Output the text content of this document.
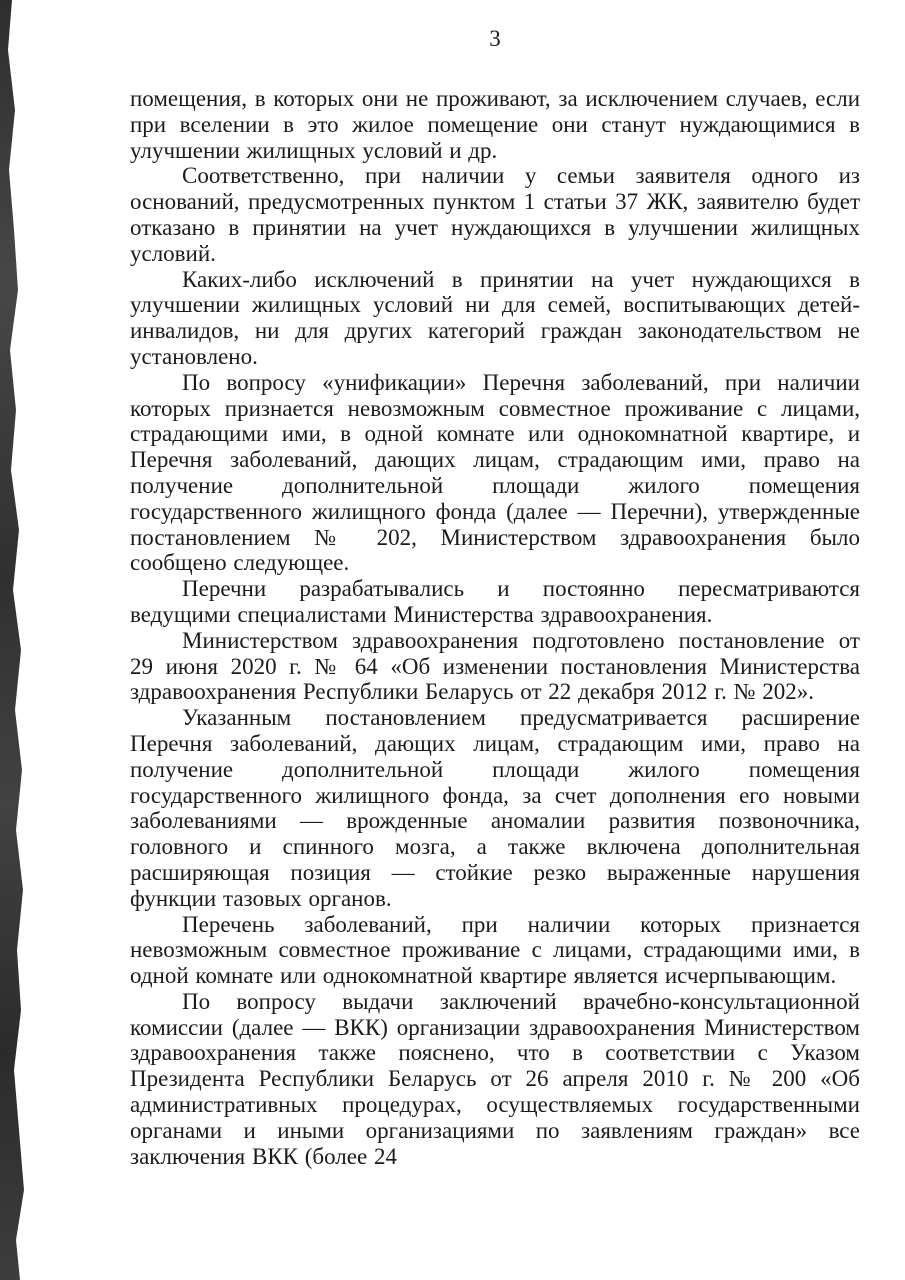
3

помещения, в которых они не проживают, за исключением случаев, если при вселении в это жилое помещение они станут нуждающимися в улучшении жилищных условий и др.

Соответственно, при наличии у семьи заявителя одного из оснований, предусмотренных пунктом 1 статьи 37 ЖК, заявителю будет отказано в принятии на учет нуждающихся в улучшении жилищных условий.

Каких-либо исключений в принятии на учет нуждающихся в улучшении жилищных условий ни для семей, воспитывающих детей-инвалидов, ни для других категорий граждан законодательством не установлено.

По вопросу «унификации» Перечня заболеваний, при наличии которых признается невозможным совместное проживание с лицами, страдающими ими, в одной комнате или однокомнатной квартире, и Перечня заболеваний, дающих лицам, страдающим ими, право на получение дополнительной площади жилого помещения государственного жилищного фонда (далее — Перечни), утвержденные постановлением № 202, Министерством здравоохранения было сообщено следующее.

Перечни разрабатывались и постоянно пересматриваются ведущими специалистами Министерства здравоохранения.

Министерством здравоохранения подготовлено постановление от 29 июня 2020 г. № 64 «Об изменении постановления Министерства здравоохранения Республики Беларусь от 22 декабря 2012 г. № 202».

Указанным постановлением предусматривается расширение Перечня заболеваний, дающих лицам, страдающим ими, право на получение дополнительной площади жилого помещения государственного жилищного фонда, за счет дополнения его новыми заболеваниями — врожденные аномалии развития позвоночника, головного и спинного мозга, а также включена дополнительная расширяющая позиция — стойкие резко выраженные нарушения функции тазовых органов.

Перечень заболеваний, при наличии которых признается невозможным совместное проживание с лицами, страдающими ими, в одной комнате или однокомнатной квартире является исчерпывающим.

По вопросу выдачи заключений врачебно-консультационной комиссии (далее — ВКК) организации здравоохранения Министерством здравоохранения также пояснено, что в соответствии с Указом Президента Республики Беларусь от 26 апреля 2010 г. № 200 «Об административных процедурах, осуществляемых государственными органами и иными организациями по заявлениям граждан» все заключения ВКК (более 24
